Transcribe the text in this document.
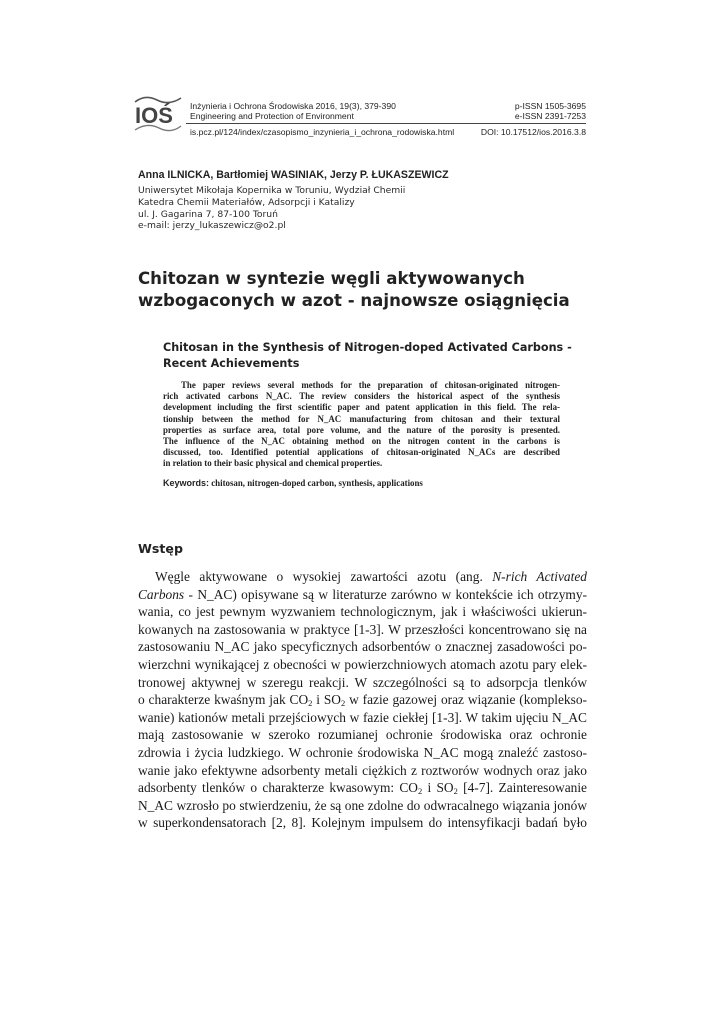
IOŚ Inżynieria i Ochrona Środowiska 2016, 19(3), 379-390
Engineering and Protection of Environment
p-ISSN 1505-3695
e-ISSN 2391-7253
is.pcz.pl/124/index/czasopismo_inzynieria_i_ochrona_rodowiska.html	DOI: 10.17512/ios.2016.3.8
Anna ILNICKA, Bartłomiej WASINIAK, Jerzy P. ŁUKASZEWICZ
Uniwersytet Mikołaja Kopernika w Toruniu, Wydział Chemii
Katedra Chemii Materiałów, Adsorpcji i Katalizy
ul. J. Gagarina 7, 87-100 Toruń
e-mail: jerzy_lukaszewicz@o2.pl
Chitozan w syntezie węgli aktywowanych
wzbogaconych w azot - najnowsze osiągnięcia
Chitosan in the Synthesis of Nitrogen-doped Activated Carbons -
Recent Achievements
The paper reviews several methods for the preparation of chitosan-originated nitrogen-
rich activated carbons N_AC. The review considers the historical aspect of the synthesis
development including the first scientific paper and patent application in this field. The rela-
tionship between the method for N_AC manufacturing from chitosan and their textural
properties as surface area, total pore volume, and the nature of the porosity is presented.
The influence of the N_AC obtaining method on the nitrogen content in the carbons is
discussed, too. Identified potential applications of chitosan-originated N_ACs are described
in relation to their basic physical and chemical properties.
Keywords: chitosan, nitrogen-doped carbon, synthesis, applications
Wstęp
Węgle aktywowane o wysokiej zawartości azotu (ang. N-rich Activated
Carbons - N_AC) opisywane są w literaturze zarówno w kontekście ich otrzymy-
wania, co jest pewnym wyzwaniem technologicznym, jak i właściwości ukierun-
kowanych na zastosowania w praktyce [1-3]. W przeszłości koncentrowano się na
zastosowaniu N_AC jako specyficznych adsorbentów o znacznej zasadowości po-
wierzchni wynikającej z obecności w powierzchniowych atomach azotu pary elek-
tronowej aktywnej w szeregu reakcji. W szczególności są to adsorpcja tlenków
o charakterze kwaśnym jak $CO_2$ i $SO_2$ w fazie gazowej oraz wiązanie (kompleksо-
wanie) kationów metali przejściowych w fazie ciekłej [1-3]. W takim ujęciu N_AC
mają zastosowanie w szeroko rozumianej ochronie środowiska oraz ochronie
zdrowia i życia ludzkiego. W ochronie środowiska N_AC mogą znaleźć zastoso-
wanie jako efektywne adsorbenty metali ciężkich z roztworów wodnych oraz jako
adsorbenty tlenków o charakterze kwasowym: $CO_2$ i $SO_2$ [4-7]. Zainteresowanie
N_AC wzrosło po stwierdzeniu, że są one zdolne do odwracalnego wiązania jonów
w superkondensatorach [2, 8]. Kolejnym impulsem do intensyfikacji badań było
